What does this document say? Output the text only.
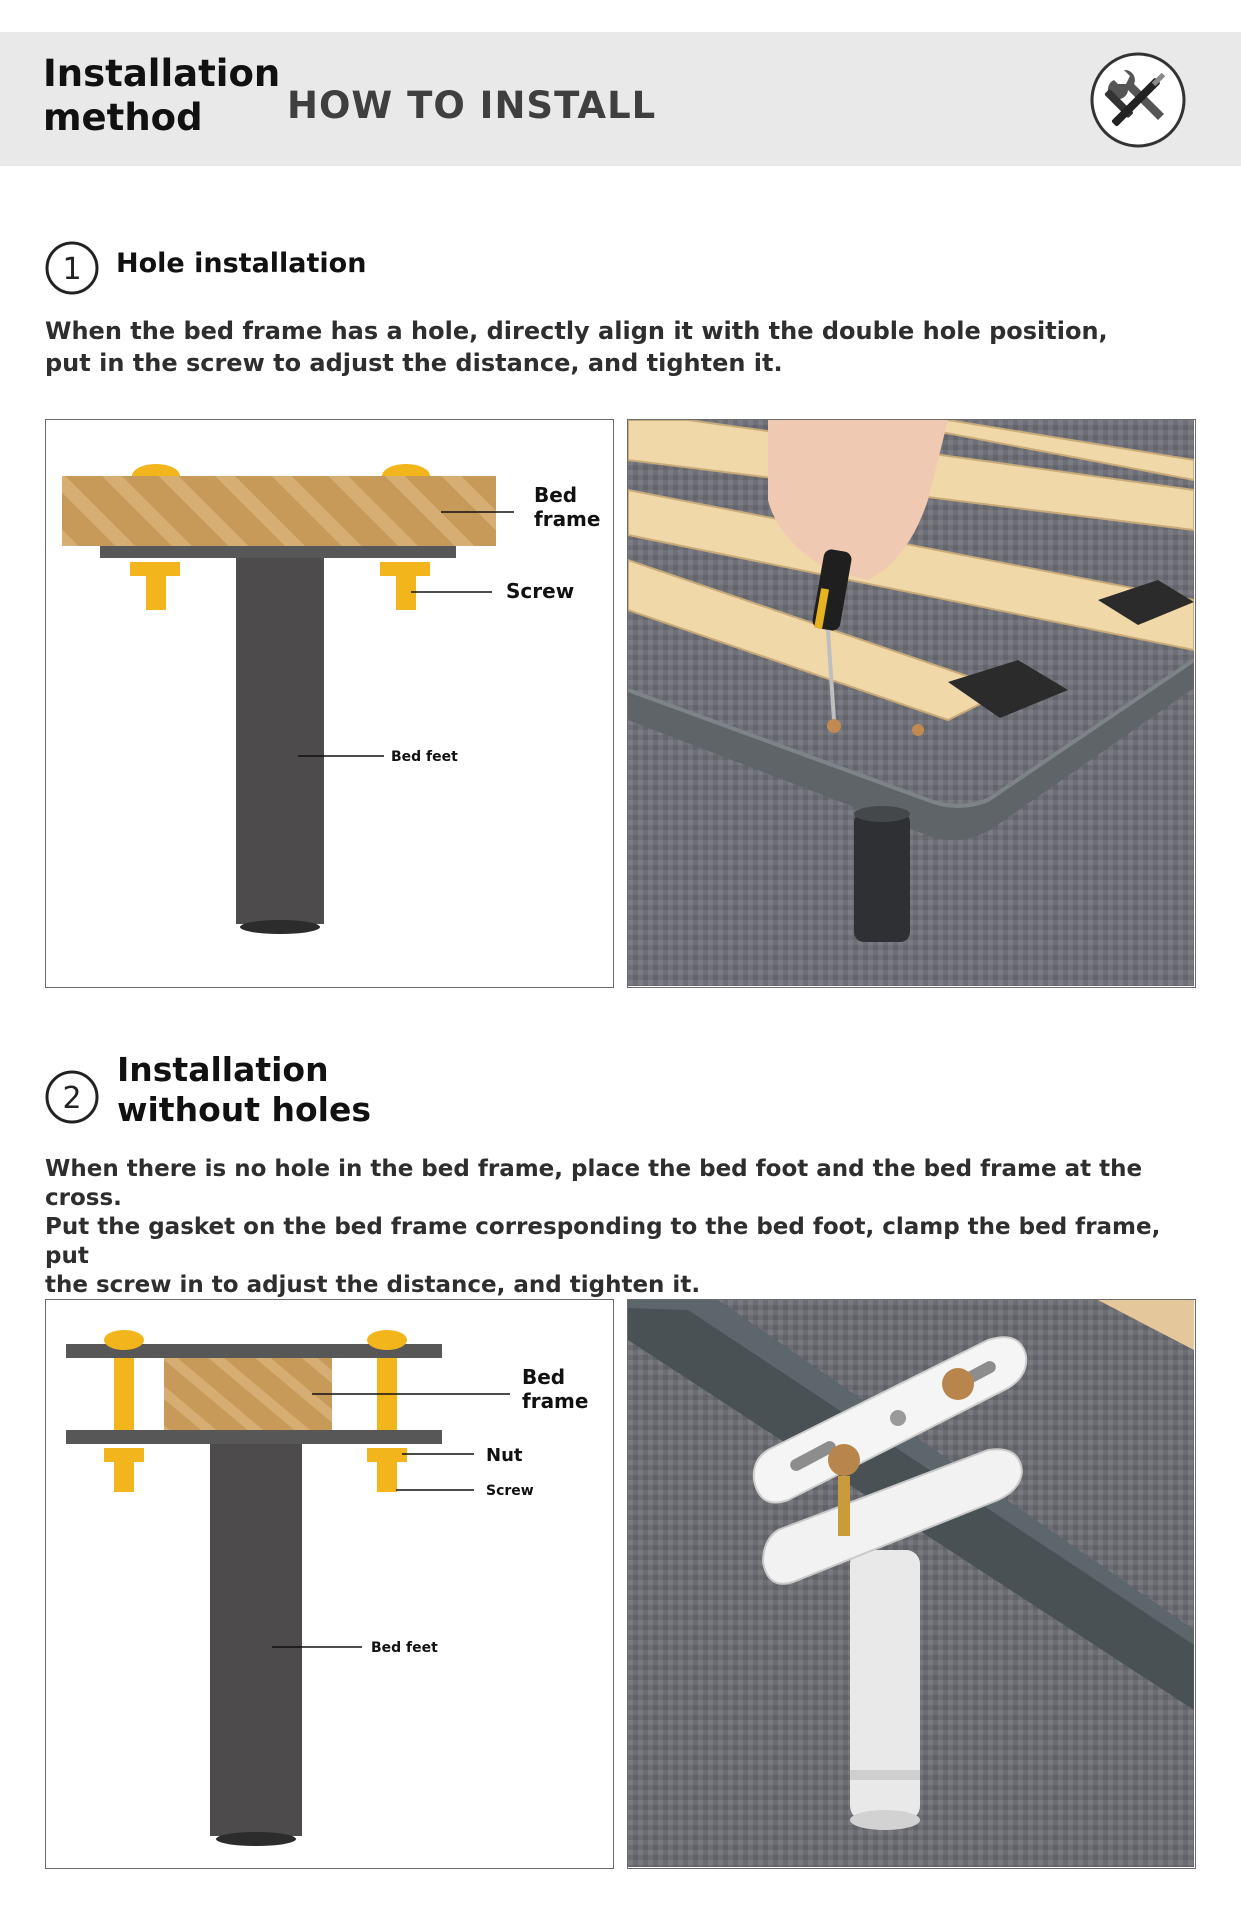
Installation
method	HOW TO INSTALL
1 Hole installation
When the bed frame has a hole, directly align it with the double hole position,
put in the screw to adjust the distance, and tighten it.
Bed
frame
Screw
Bed feet
2
Installation
without holes
When there is no hole in the bed frame, place the bed foot and the bed frame at the cross.
Put the gasket on the bed frame corresponding to the bed foot, clamp the bed frame, put
the screw in to adjust the distance, and tighten it.
Bed
frame
Nut
Screw
Bed feet
